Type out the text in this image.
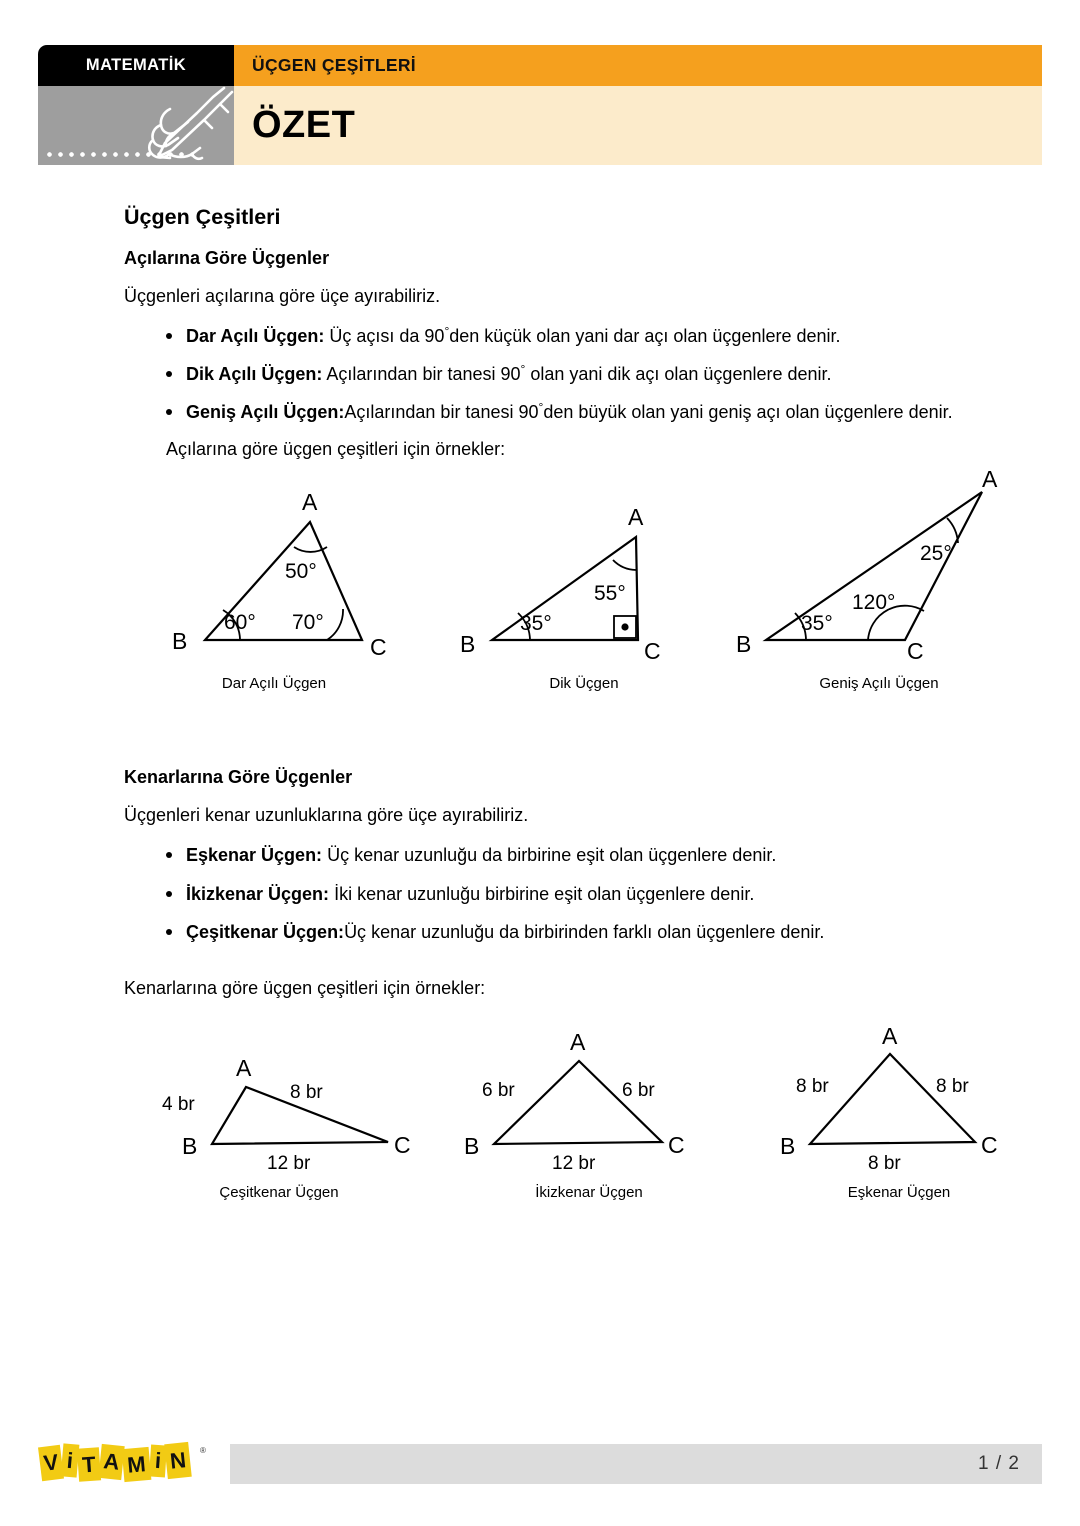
MATEMATİK	ÜÇGEN ÇEŞİTLERİ
ÖZET
Üçgen Çeşitleri
Açılarına Göre Üçgenler
Üçgenleri açılarına göre üçe ayırabiliriz.
Dar Açılı Üçgen: Üç açısı da 90°den küçük olan yani dar açı olan üçgenlere denir.
Dik Açılı Üçgen: Açılarından bir tanesi 90° olan yani dik açı olan üçgenlere denir.
Geniş Açılı Üçgen:Açılarından bir tanesi 90°den büyük olan yani geniş açı olan üçgenlere denir.
Açılarına göre üçgen çeşitleri için örnekler:
A
B	C
50°
60° 70°
Dar Açılı Üçgen
A
B	C
55°
35°
Dik Üçgen
A
B	C
25°
35°
120°
Geniş Açılı Üçgen
Kenarlarına Göre Üçgenler
Üçgenleri kenar uzunluklarına göre üçe ayırabiliriz.
Eşkenar Üçgen: Üç kenar uzunluğu da birbirine eşit olan üçgenlere denir.
İkizkenar Üçgen: İki kenar uzunluğu birbirine eşit olan üçgenlere denir.
Çeşitkenar Üçgen:Üç kenar uzunluğu da birbirinden farklı olan üçgenlere denir.
Kenarlarına göre üçgen çeşitleri için örnekler:
A
B	C
4 br
8 br
12 br
Çeşitkenar Üçgen
A
B	C
6 br	6 br
12 br
İkizkenar Üçgen
A
B	C
8 br	8 br
8 br
Eşkenar Üçgen
V i T A M i N	®
1 / 2
